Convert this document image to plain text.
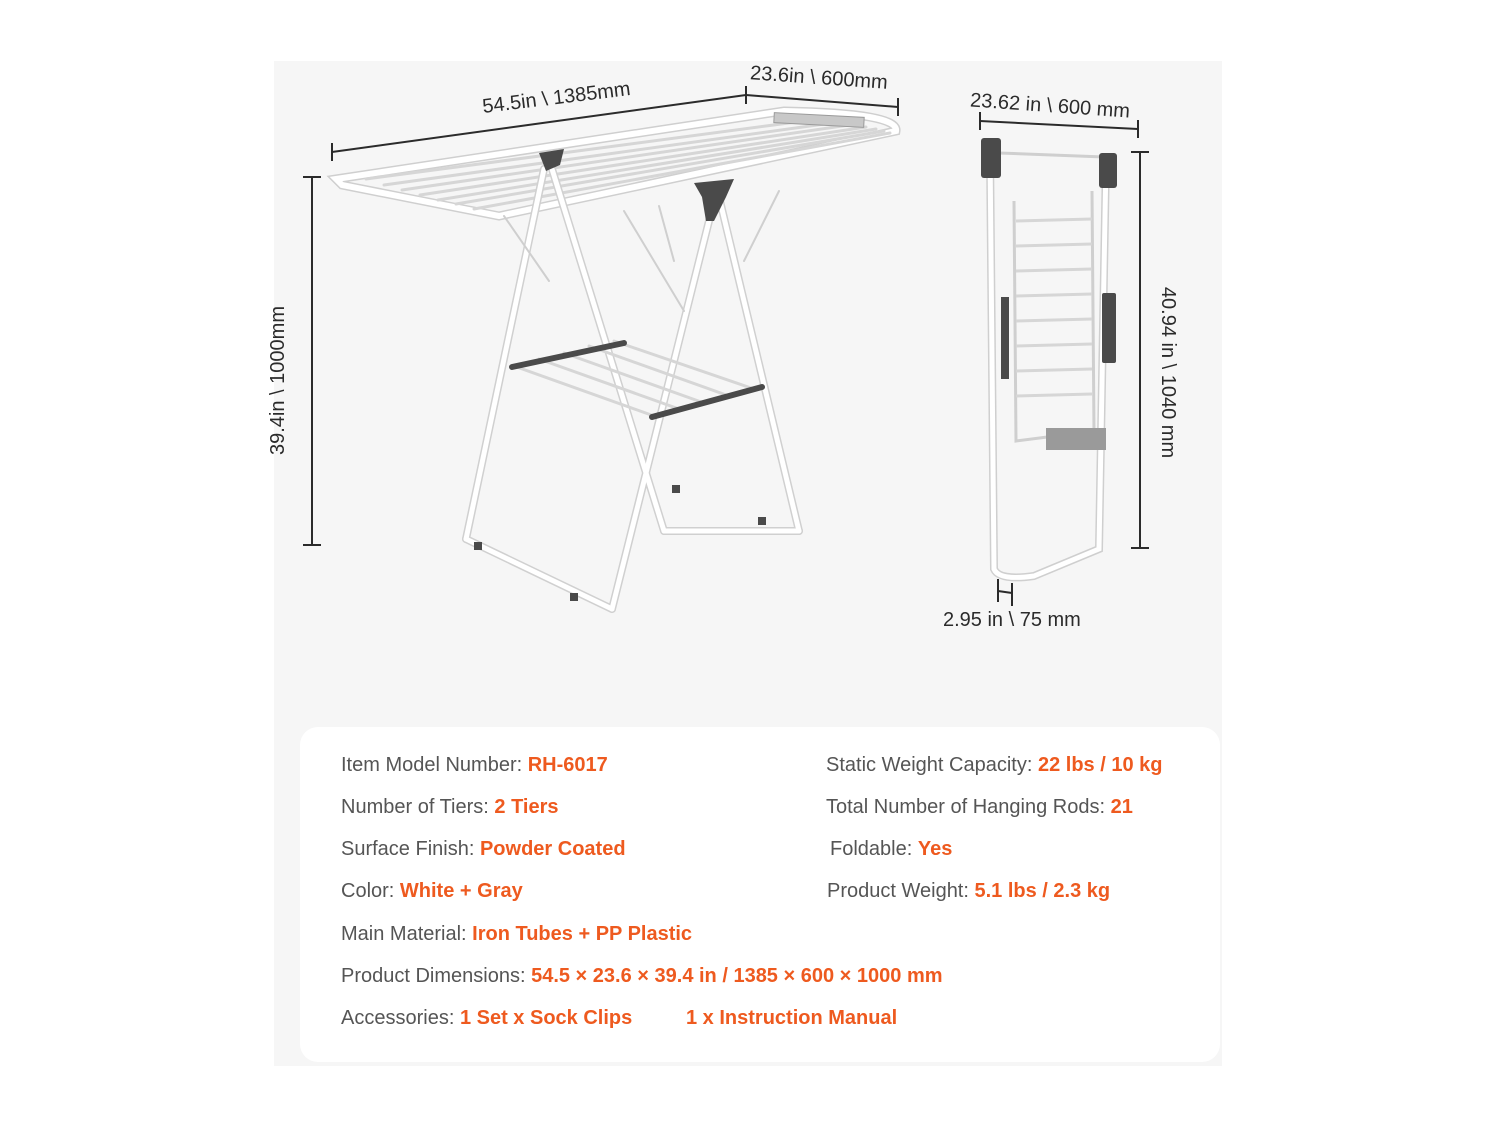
54.5in \ 1385mm
23.6in \ 600mm
39.4in \ 1000mm
23.62 in \ 600 mm
40.94 in \ 1040 mm
2.95 in \ 75 mm
Item Model Number: RH-6017	Static Weight Capacity: 22 lbs / 10 kg
Number of Tiers: 2 Tiers	Total Number of Hanging Rods: 21
Surface Finish: Powder Coated	Foldable: Yes
Color: White + Gray	Product Weight: 5.1 lbs / 2.3 kg
Main Material: Iron Tubes + PP Plastic
Product Dimensions: 54.5 × 23.6 × 39.4 in / 1385 × 600 × 1000 mm
Accessories: 1 Set x Sock Clips	1 x Instruction Manual
